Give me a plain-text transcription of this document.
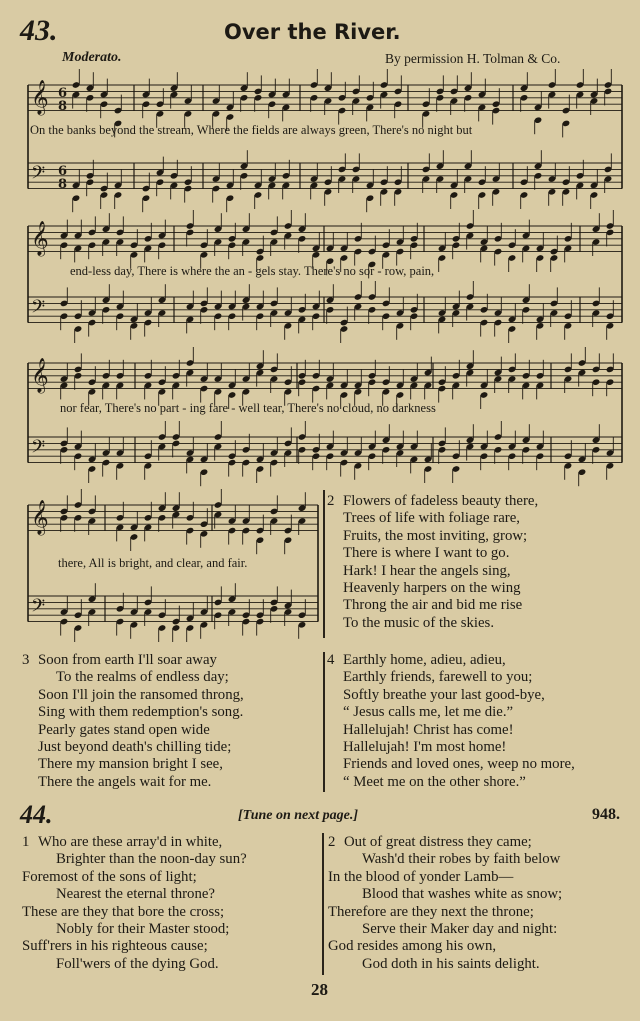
43.	Over the River.
Moderato.	By permission H. Tolman & Co.
𝄞 6
8
𝄢 6
8
𝄞
𝄢
𝄞
𝄢
𝄞
𝄢
On the banks beyond the stream, Where the fields are always green, There's no night but
end-less day, There is where the an - gels stay. There's no sor - row, pain,
nor fear, There's no part - ing fare - well tear, There's no cloud, no darkness
there, All is bright, and clear, and fair.
2 Flowers of fadeless beauty there,
Trees of life with foliage rare,
Fruits, the most inviting, grow;
There is where I want to go.
Hark! I hear the angels sing,
Heavenly harpers on the wing
Throng the air and bid me rise
To the music of the skies.
3 Soon from earth I'll soar away
To the realms of endless day;
Soon I'll join the ransomed throng,
Sing with them redemption's song.
Pearly gates stand open wide
Just beyond death's chilling tide;
There my mansion bright I see,
There the angels wait for me.
4 Earthly home, adieu, adieu,
Earthly friends, farewell to you;
Softly breathe your last good-bye,
“ Jesus calls me, let me die.”
Hallelujah! Christ has come!
Hallelujah! I'm most home!
Friends and loved ones, weep no more,
“ Meet me on the other shore.”
44.	[Tune on next page.]	948.
1 Who are these array'd in white,
Brighter than the noon-day sun?
Foremost of the sons of light;
Nearest the eternal throne?
These are they that bore the cross;
Nobly for their Master stood;
Suff'rers in his righteous cause;
Foll'wers of the dying God.
2 Out of great distress they came;
Wash'd their robes by faith below
In the blood of yonder Lamb—
Blood that washes white as snow;
Therefore are they next the throne;
Serve their Maker day and night:
God resides among his own,
God doth in his saints delight.
28
